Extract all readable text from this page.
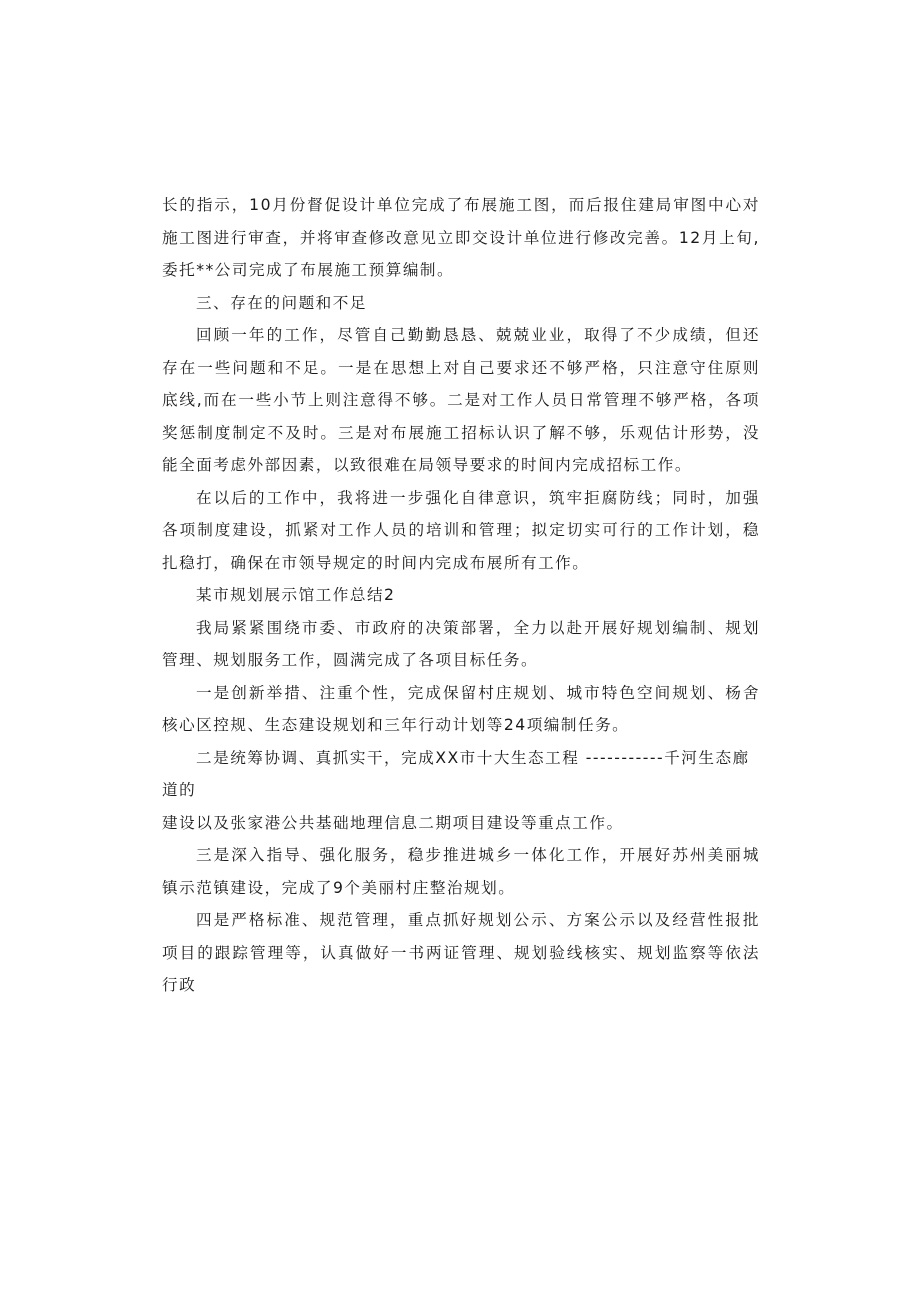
长的指示，10月份督促设计单位完成了布展施工图，而后报住建局审图中心对施工图进行审查，并将审查修改意见立即交设计单位进行修改完善。12月上旬,委托**公司完成了布展施工预算编制。

三、存在的问题和不足

回顾一年的工作，尽管自己勤勤恳恳、兢兢业业，取得了不少成绩，但还存在一些问题和不足。一是在思想上对自己要求还不够严格，只注意守住原则底线,而在一些小节上则注意得不够。二是对工作人员日常管理不够严格，各项奖惩制度制定不及时。三是对布展施工招标认识了解不够，乐观估计形势，没能全面考虑外部因素，以致很难在局领导要求的时间内完成招标工作。

在以后的工作中，我将进一步强化自律意识，筑牢拒腐防线；同时，加强各项制度建设，抓紧对工作人员的培训和管理；拟定切实可行的工作计划，稳扎稳打，确保在市领导规定的时间内完成布展所有工作。

某市规划展示馆工作总结2

我局紧紧围绕市委、市政府的决策部署，全力以赴开展好规划编制、规划管理、规划服务工作，圆满完成了各项目标任务。

一是创新举措、注重个性，完成保留村庄规划、城市特色空间规划、杨舍核心区控规、生态建设规划和三年行动计划等24项编制任务。

二是统筹协调、真抓实干，完成XX市十大生态工程 -----------千河生态廊道的

建设以及张家港公共基础地理信息二期项目建设等重点工作。

三是深入指导、强化服务，稳步推进城乡一体化工作，开展好苏州美丽城镇示范镇建设，完成了9个美丽村庄整治规划。

四是严格标准、规范管理，重点抓好规划公示、方案公示以及经营性报批项目的跟踪管理等，认真做好一书两证管理、规划验线核实、规划监察等依法行政
